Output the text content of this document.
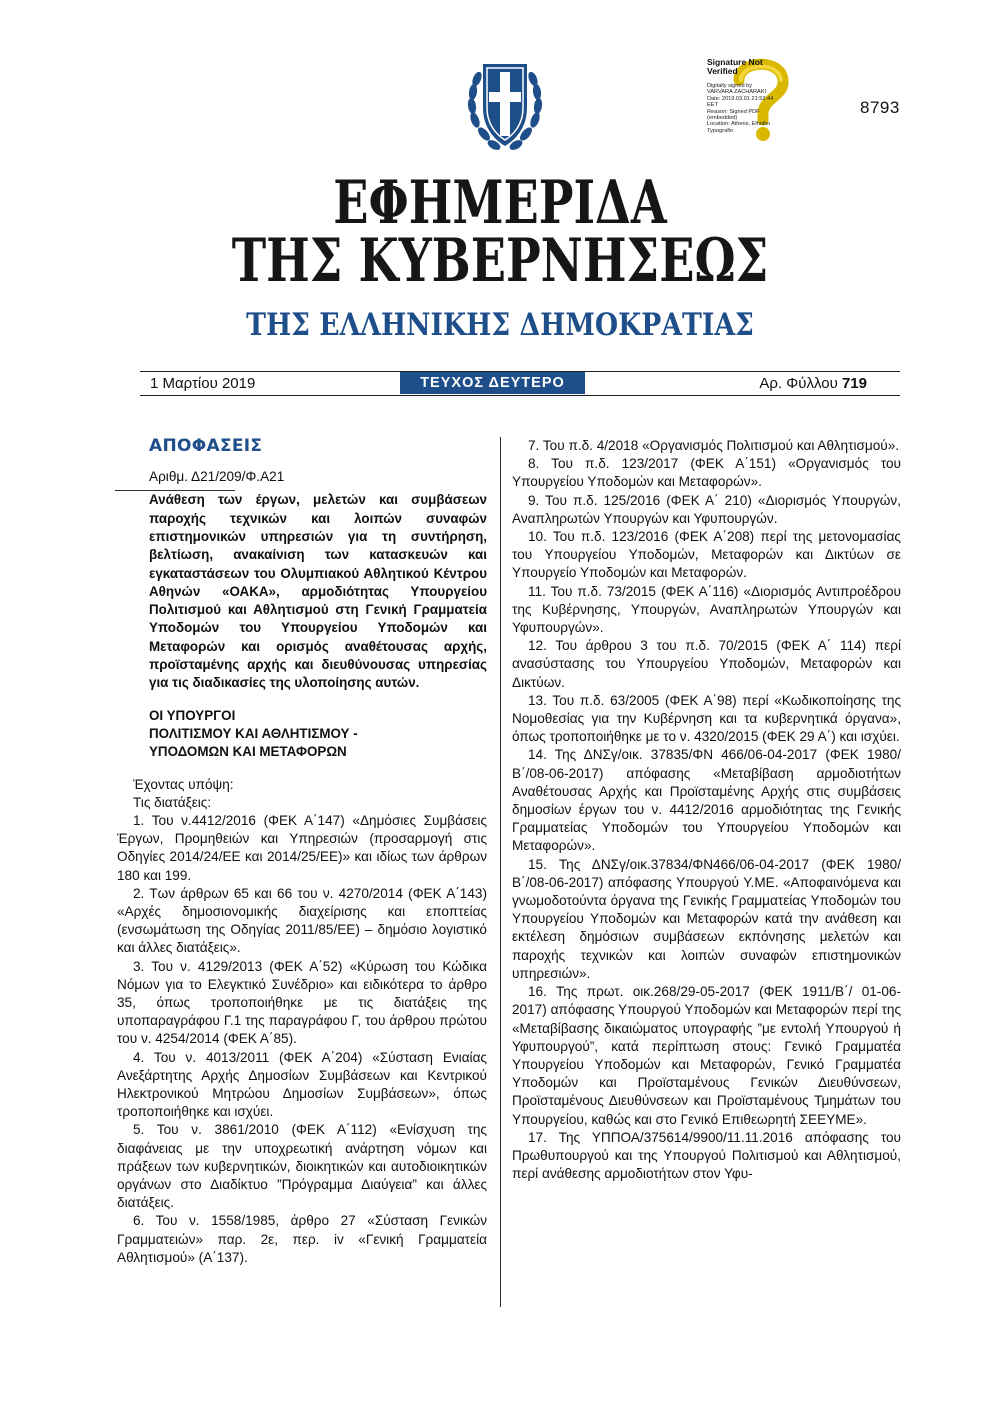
8793
Signature Not Verified
Digitally signed by
VARVARA ZACHARAKI
Date: 2019.03.01 21:52:44
EET
Reason: Signed PDF
(embedded)
Location: Athens, Ethniko
Typografio
ΕΦΗΜΕΡΙΔΑ
ΤΗΣ ΚΥΒΕΡΝΗΣΕΩΣ
ΤΗΣ ΕΛΛΗΝΙΚΗΣ ΔΗΜΟΚΡΑΤΙΑΣ
1 Μαρτίου 2019	ΤΕΥΧΟΣ ΔΕΥΤΕΡΟ	Αρ. Φύλλου 719
ΑΠΟΦΑΣΕΙΣ
Αριθμ. Δ21/209/Φ.Α21
Ανάθεση των έργων, μελετών και συμβάσεων παροχής τεχνικών και λοιπών συναφών επιστημονικών υπηρεσιών για τη συντήρηση, βελτίωση, ανακαίνιση των κατασκευών και εγκαταστάσεων του Ολυμπιακού Αθλητικού Κέντρου Αθηνών «ΟΑΚΑ», αρμοδιότητας Υπουργείου Πολιτισμού και Αθλητισμού στη Γενική Γραμματεία Υποδομών του Υπουργείου Υποδομών και Μεταφορών και ορισμός αναθέτουσας αρχής, προϊσταμένης αρχής και διευθύνουσας υπηρεσίας για τις διαδικασίες της υλοποίησης αυτών.
ΟΙ ΥΠΟΥΡΓΟΙ
ΠΟΛΙΤΙΣΜΟΥ ΚΑΙ ΑΘΛΗΤΙΣΜΟΥ -
ΥΠΟΔΟΜΩΝ ΚΑΙ ΜΕΤΑΦΟΡΩΝ

Έχοντας υπόψη:

Τις διατάξεις:

1. Του ν.4412/2016 (ΦΕΚ Α΄147) «Δημόσιες Συμβάσεις Έργων, Προμηθειών και Υπηρεσιών (προσαρμογή στις Οδηγίες 2014/24/ΕΕ και 2014/25/ΕΕ)» και ιδίως των άρθρων 180 και 199.

2. Των άρθρων 65 και 66 του ν. 4270/2014 (ΦΕΚ Α΄143) «Αρχές δημοσιονομικής διαχείρισης και εποπτείας (ενσωμάτωση της Οδηγίας 2011/85/ΕΕ) – δημόσιο λογιστικό και άλλες διατάξεις».

3. Του ν. 4129/2013 (ΦΕΚ Α΄52) «Κύρωση του Κώδικα Νόμων για το Ελεγκτικό Συνέδριο» και ειδικότερα το άρθρο 35, όπως τροποποιήθηκε με τις διατάξεις της υποπαραγράφου Γ.1 της παραγράφου Γ, του άρθρου πρώτου του ν. 4254/2014 (ΦΕΚ Α΄85).

4. Του ν. 4013/2011 (ΦΕΚ Α΄204) «Σύσταση Ενιαίας Ανεξάρτητης Αρχής Δημοσίων Συμβάσεων και Κεντρικού Ηλεκτρονικού Μητρώου Δημοσίων Συμβάσεων», όπως τροποποιήθηκε και ισχύει.

5. Του ν. 3861/2010 (ΦΕΚ Α΄112) «Ενίσχυση της διαφάνειας με την υποχρεωτική ανάρτηση νόμων και πράξεων των κυβερνητικών, διοικητικών και αυτοδιοικητικών οργάνων στο Διαδίκτυο ”Πρόγραμμα Διαύγεια” και άλλες διατάξεις.

6. Του ν. 1558/1985, άρθρο 27 «Σύσταση Γενικών Γραμματειών» παρ. 2ε, περ. iv «Γενική Γραμματεία Αθλητισμού» (Α΄137).

7. Του π.δ. 4/2018 «Οργανισμός Πολιτισμού και Αθλητισμού».

8. Του π.δ. 123/2017 (ΦΕΚ Α΄151) «Οργανισμός του Υπουργείου Υποδομών και Μεταφορών».

9. Του π.δ. 125/2016 (ΦΕΚ Α΄ 210) «Διορισμός Υπουργών, Αναπληρωτών Υπουργών και Υφυπουργών.

10. Του π.δ. 123/2016 (ΦΕΚ Α΄208) περί της μετονομασίας του Υπουργείου Υποδομών, Μεταφορών και Δικτύων σε Υπουργείο Υποδομών και Μεταφορών.

11. Του π.δ. 73/2015 (ΦΕΚ Α΄116) «Διορισμός Αντιπροέδρου της Κυβέρνησης, Υπουργών, Αναπληρωτών Υπουργών και Υφυπουργών».

12. Του άρθρου 3 του π.δ. 70/2015 (ΦΕΚ Α΄ 114) περί ανασύστασης του Υπουργείου Υποδομών, Μεταφορών και Δικτύων.

13. Του π.δ. 63/2005 (ΦΕΚ Α΄98) περί «Κωδικοποίησης της Νομοθεσίας για την Κυβέρνηση και τα κυβερνητικά όργανα», όπως τροποποιήθηκε με το ν. 4320/2015 (ΦΕΚ 29 Α΄) και ισχύει.

14. Της ΔΝΣγ/οικ. 37835/ΦΝ 466/06-04-2017 (ΦΕΚ 1980/Β΄/08-06-2017) απόφασης «Μεταβίβαση αρμοδιοτήτων Αναθέτουσας Αρχής και Προϊσταμένης Αρχής στις συμβάσεις δημοσίων έργων του ν. 4412/2016 αρμοδιότητας της Γενικής Γραμματείας Υποδομών του Υπουργείου Υποδομών και Μεταφορών».

15. Της ΔΝΣγ/οικ.37834/ΦΝ466/06-04-2017 (ΦΕΚ 1980/Β΄/08-06-2017) απόφασης Υπουργού Υ.ΜΕ. «Αποφαινόμενα και γνωμοδοτούντα όργανα της Γενικής Γραμματείας Υποδομών του Υπουργείου Υποδομών και Μεταφορών κατά την ανάθεση και εκτέλεση δημόσιων συμβάσεων εκπόνησης μελετών και παροχής τεχνικών και λοιπών συναφών επιστημονικών υπηρεσιών».

16. Της πρωτ. οικ.268/29-05-2017 (ΦΕΚ 1911/Β΄/ 01-06-2017) απόφασης Υπουργού Υποδομών και Μεταφορών περί της «Μεταβίβασης δικαιώματος υπογραφής ”με εντολή Υπουργού ή Υφυπουργού”, κατά περίπτωση στους: Γενικό Γραμματέα Υπουργείου Υποδομών και Μεταφορών, Γενικό Γραμματέα Υποδομών και Προϊσταμένους Γενικών Διευθύνσεων, Προϊσταμένους Διευθύνσεων και Προϊσταμένους Τμημάτων του Υπουργείου, καθώς και στο Γενικό Επιθεωρητή ΣΕΕΥΜΕ».

17. Της ΥΠΠΟΑ/375614/9900/11.11.2016 απόφασης του Πρωθυπουργού και της Υπουργού Πολιτισμού και Αθλητισμού, περί ανάθεσης αρμοδιοτήτων στον Υφυ-
